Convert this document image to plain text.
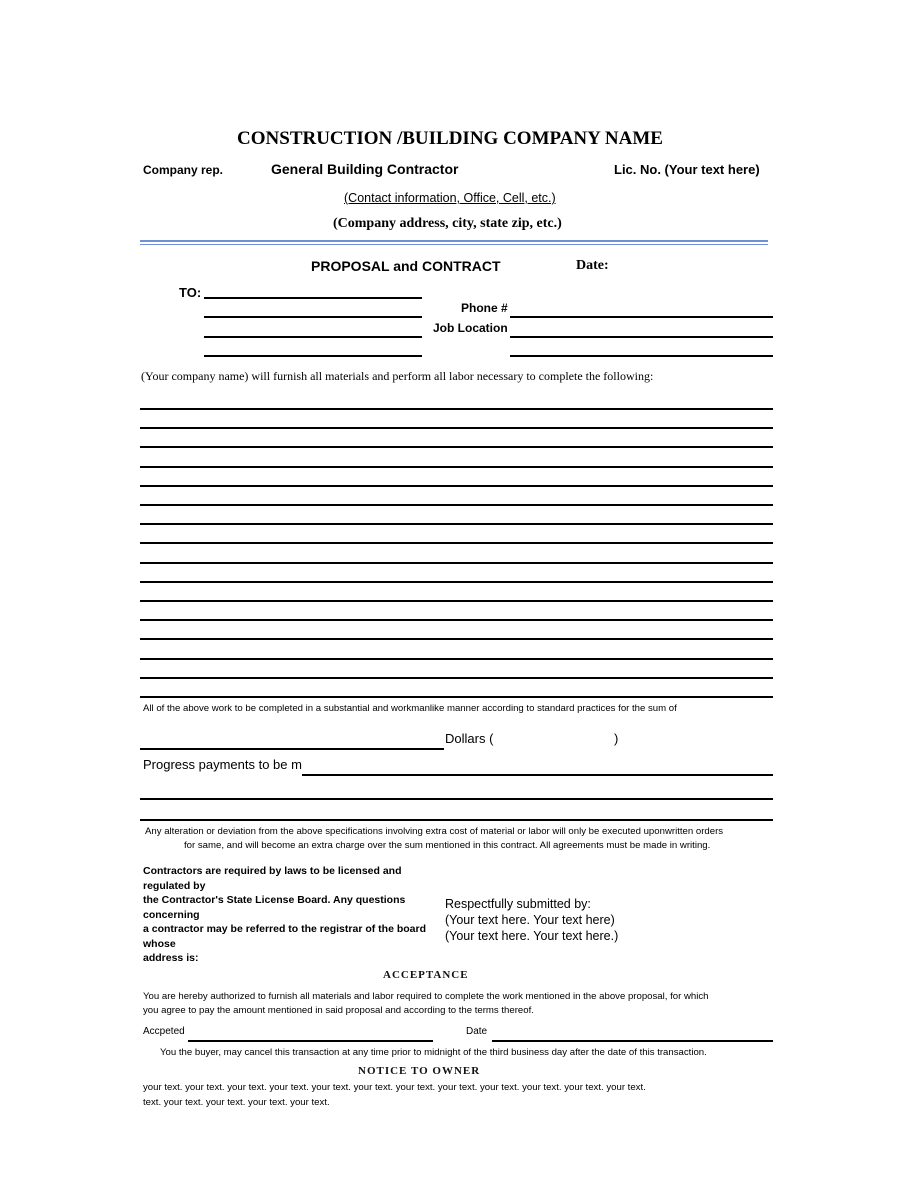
CONSTRUCTION /BUILDING COMPANY NAME
Company rep.	General Building Contractor	Lic. No. (Your text here)
(Contact information, Office, Cell, etc.)
(Company address, city, state zip, etc.)
PROPOSAL and CONTRACT	Date:
TO:
Phone #
Job Location
(Your company name) will furnish all materials and perform all labor necessary to complete the following:
All of the above work to be completed in a substantial and workmanlike manner according to standard practices for the sum of
Dollars (	)
Progress payments to be m
Any alteration or deviation from the above specifications involving extra cost of material or labor will only be executed uponwritten orders
for same, and will become an extra charge over the sum mentioned in this contract. All agreements must be made in writing.
Contractors are required by laws to be licensed and
regulated by
the Contractor's State License Board. Any questions
concerning
a contractor may be referred to the registrar of the board
whose
address is:
Respectfully submitted by:
(Your text here. Your text here)
(Your text here. Your text here.)
ACCEPTANCE
You are hereby authorized to furnish all materials and labor required to complete the work mentioned in the above proposal, for which
you agree to pay the amount mentioned in said proposal and according to the terms thereof.
Accpeted	Date
You the buyer, may cancel this transaction at any time prior to midnight of the third business day after the date of this transaction.
NOTICE TO OWNER
your text. your text. your text. your text. your text. your text. your text. your text. your text. your text. your text. your text.
text. your text. your text. your text. your text.
